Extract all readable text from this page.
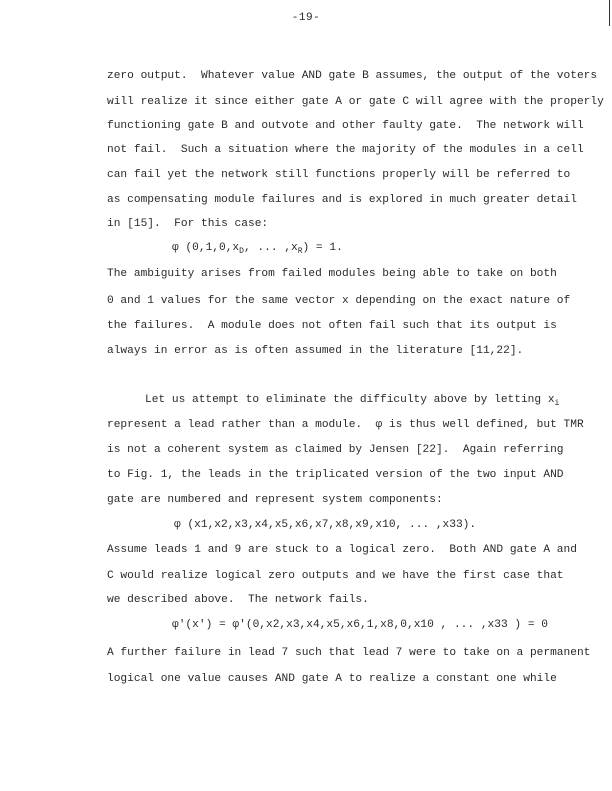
-19-
zero output.  Whatever value AND gate B assumes, the output of the voters
will realize it since either gate A or gate C will agree with the properly
functioning gate B and outvote and other faulty gate.  The network will
not fail.  Such a situation where the majority of the modules in a cell
can fail yet the network still functions properly will be referred to
as compensating module failures and is explored in much greater detail
in [15].  For this case:
φ ($0,1,0,x_D$, ... $,x_R) = 1$.
The ambiguity arises from failed modules being able to take on both
0 and 1 values for the same vector x depending on the exact nature of
the failures.  A module does not often fail such that its output is
always in error as is often assumed in the literature [11,22].
Let us attempt to eliminate the difficulty above by letting $x_i$
represent a lead rather than a module.  φ is thus well defined, but TMR
is not a coherent system as claimed by Jensen [22].  Again referring
to Fig. 1, the leads in the triplicated version of the two input AND
gate are numbered and represent system components:
φ (x1,x2,x3,x4,x5,x6,x7,x8,x9,x10, ... ,x33).
Assume leads 1 and 9 are stuck to a logical zero.  Both AND gate A and
C would realize logical zero outputs and we have the first case that
we described above.  The network fails.
φ'(x') = φ'(0,x2,x3,x4,x5,x6,1,x8,0,x10 , ... ,x33 ) = 0
A further failure in lead 7 such that lead 7 were to take on a permanent
logical one value causes AND gate A to realize a constant one while
